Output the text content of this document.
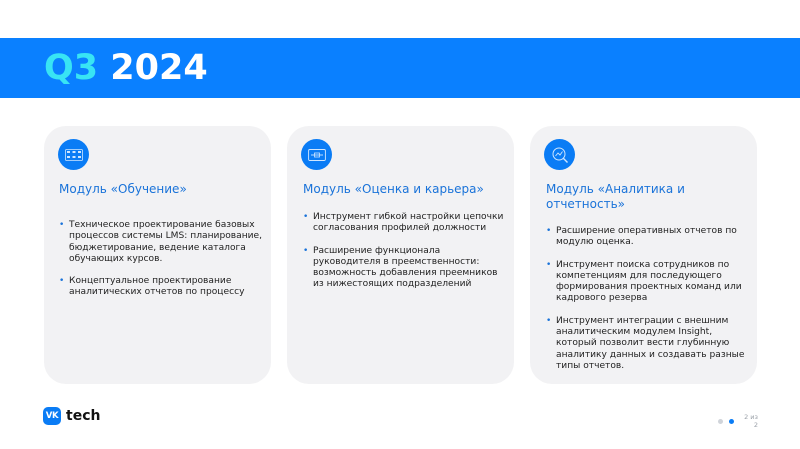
Q3 2024
Модуль «Обучение»
• Техническое проектирование базовых процессов системы LMS: планирование, бюджетирование, ведение каталога обучающих курсов.
• Концептуальное проектирование аналитических отчетов по процессу
Модуль «Оценка и карьера»
• Инструмент гибкой настройки цепочки согласования профилей должности
• Расширение функционала руководителя в преемственности: возможность добавления преемников из нижестоящих подразделений
Модуль «Аналитика и отчетность»
• Расширение оперативных отчетов по модулю оценка.
• Инструмент поиска сотрудников по компетенциям для последующего формирования проектных команд или кадрового резерва
• Инструмент интеграции с внешним аналитическим модулем Insight, который позволит вести глубинную аналитику данных и создавать разные типы отчетов.
VK tech	2 из
2
